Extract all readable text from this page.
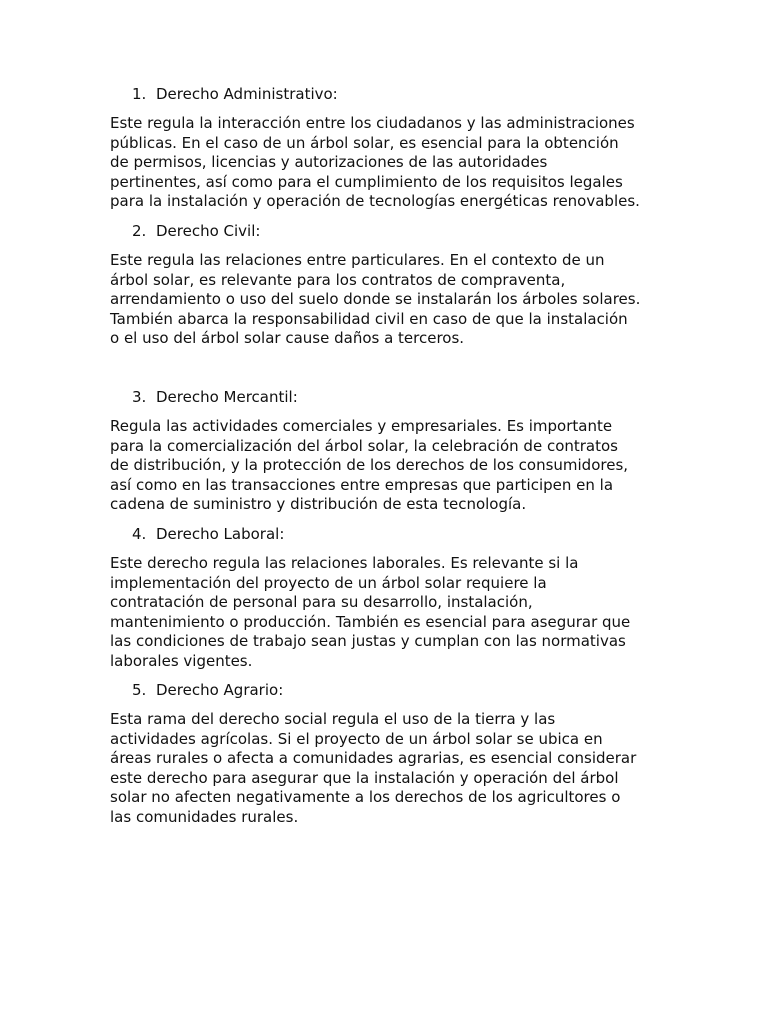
1. Derecho Administrativo:
Este regula la interacción entre los ciudadanos y las administraciones
públicas. En el caso de un árbol solar, es esencial para la obtención
de permisos, licencias y autorizaciones de las autoridades
pertinentes, así como para el cumplimiento de los requisitos legales
para la instalación y operación de tecnologías energéticas renovables.
2. Derecho Civil:
Este regula las relaciones entre particulares. En el contexto de un
árbol solar, es relevante para los contratos de compraventa,
arrendamiento o uso del suelo donde se instalarán los árboles solares.
También abarca la responsabilidad civil en caso de que la instalación
o el uso del árbol solar cause daños a terceros.
3. Derecho Mercantil:
Regula las actividades comerciales y empresariales. Es importante
para la comercialización del árbol solar, la celebración de contratos
de distribución, y la protección de los derechos de los consumidores,
así como en las transacciones entre empresas que participen en la
cadena de suministro y distribución de esta tecnología.
4. Derecho Laboral:
Este derecho regula las relaciones laborales. Es relevante si la
implementación del proyecto de un árbol solar requiere la
contratación de personal para su desarrollo, instalación,
mantenimiento o producción. También es esencial para asegurar que
las condiciones de trabajo sean justas y cumplan con las normativas
laborales vigentes.
5. Derecho Agrario:
Esta rama del derecho social regula el uso de la tierra y las
actividades agrícolas. Si el proyecto de un árbol solar se ubica en
áreas rurales o afecta a comunidades agrarias, es esencial considerar
este derecho para asegurar que la instalación y operación del árbol
solar no afecten negativamente a los derechos de los agricultores o
las comunidades rurales.
